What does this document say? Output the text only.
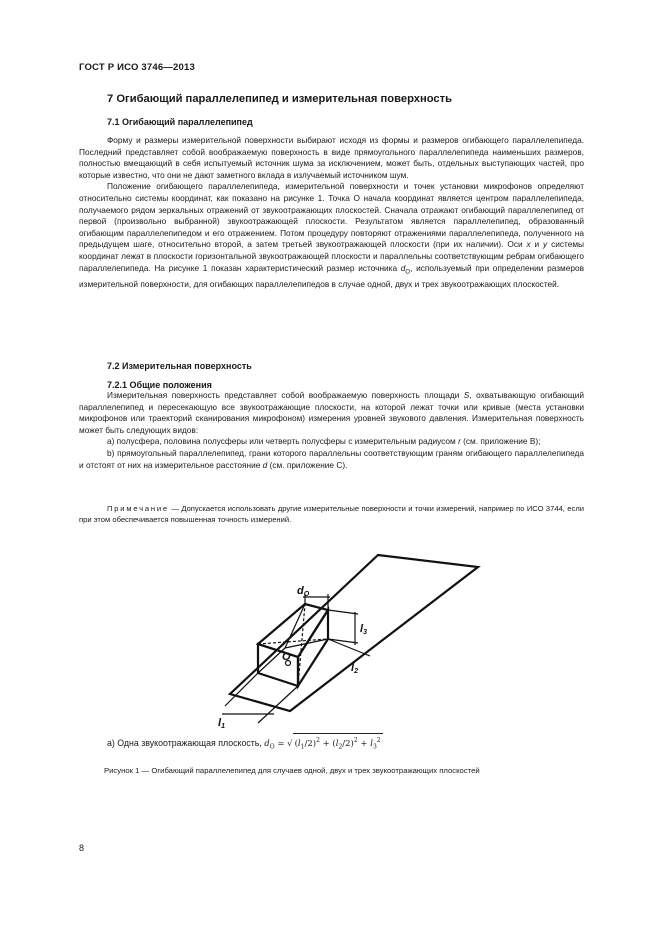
ГОСТ Р ИСО 3746—2013
7 Огибающий параллелепипед и измерительная поверхность
7.1 Огибающий параллелепипед

Форму и размеры измерительной поверхности выбирают исходя из формы и размеров огибающего параллелепипеда. Последний представляет собой воображаемую поверхность в виде прямоугольного параллелепипеда наименьших размеров, полностью вмещающий в себя испытуемый источник шума за исключением, может быть, отдельных выступающих частей, про которые известно, что они не дают заметного вклада в излучаемый источником шум.

Положение огибающего параллелепипеда, измерительной поверхности и точек установки микрофонов определяют относительно системы координат, как показано на рисунке 1. Точка O начала координат является центром параллелепипеда, получаемого рядом зеркальных отражений от звукоотражающих плоскостей. Сначала отражают огибающий параллелепипед от первой (произвольно выбранной) звукоотражающей плоскости. Результатом является параллелепипед, образованный огибающим параллелепипедом и его отражением. Потом процедуру повторяют отражениями параллелепипеда, полученного на предыдущем шаге, относительно второй, а затем третьей звукоотражающей плоскости (при их наличии). Оси x и y системы координат лежат в плоскости горизонтальной звукоотражающей плоскости и параллельны соответствующим ребрам огибающего параллелепипеда. На рисунке 1 показан характеристический размер источника $d_O$, используемый при определении размеров измерительной поверхности, для огибающих параллелепипедов в случае одной, двух и трех звукоотражающих плоскостей.

7.2 Измерительная поверхность
7.2.1 Общие положения

Измерительная поверхность представляет собой воображаемую поверхность площади S, охватывающую огибающий параллелепипед и пересекающую все звукоотражающие плоскости, на которой лежат точки или кривые (места установки микрофонов или траекторий сканирования микрофоном) измерения уровней звукового давления. Измерительная поверхность может быть следующих видов:

a) полусфера, половина полусферы или четверть полусферы с измерительным радиусом r (см. приложение B);

b) прямоугольный параллелепипед, грани которого параллельны соответствующим граням огибающего параллелепипеда и отстоят от них на измерительное расстояние d (см. приложение C).

Примечание — Допускается использовать другие измерительные поверхности и точки измерений, например по ИСО 3744, если при этом обеспечивается повышенная точность измерений.
dO
l3
l2
l1
O
а) Одна звукоотражающая плоскость, $d_O$ = √ $(l_1/2)^2 + (l_2/2)^2 + l_3^2$
Рисунок 1 — Огибающий параллелепипед для случаев одной, двух и трех звукоотражающих плоскостей
8
